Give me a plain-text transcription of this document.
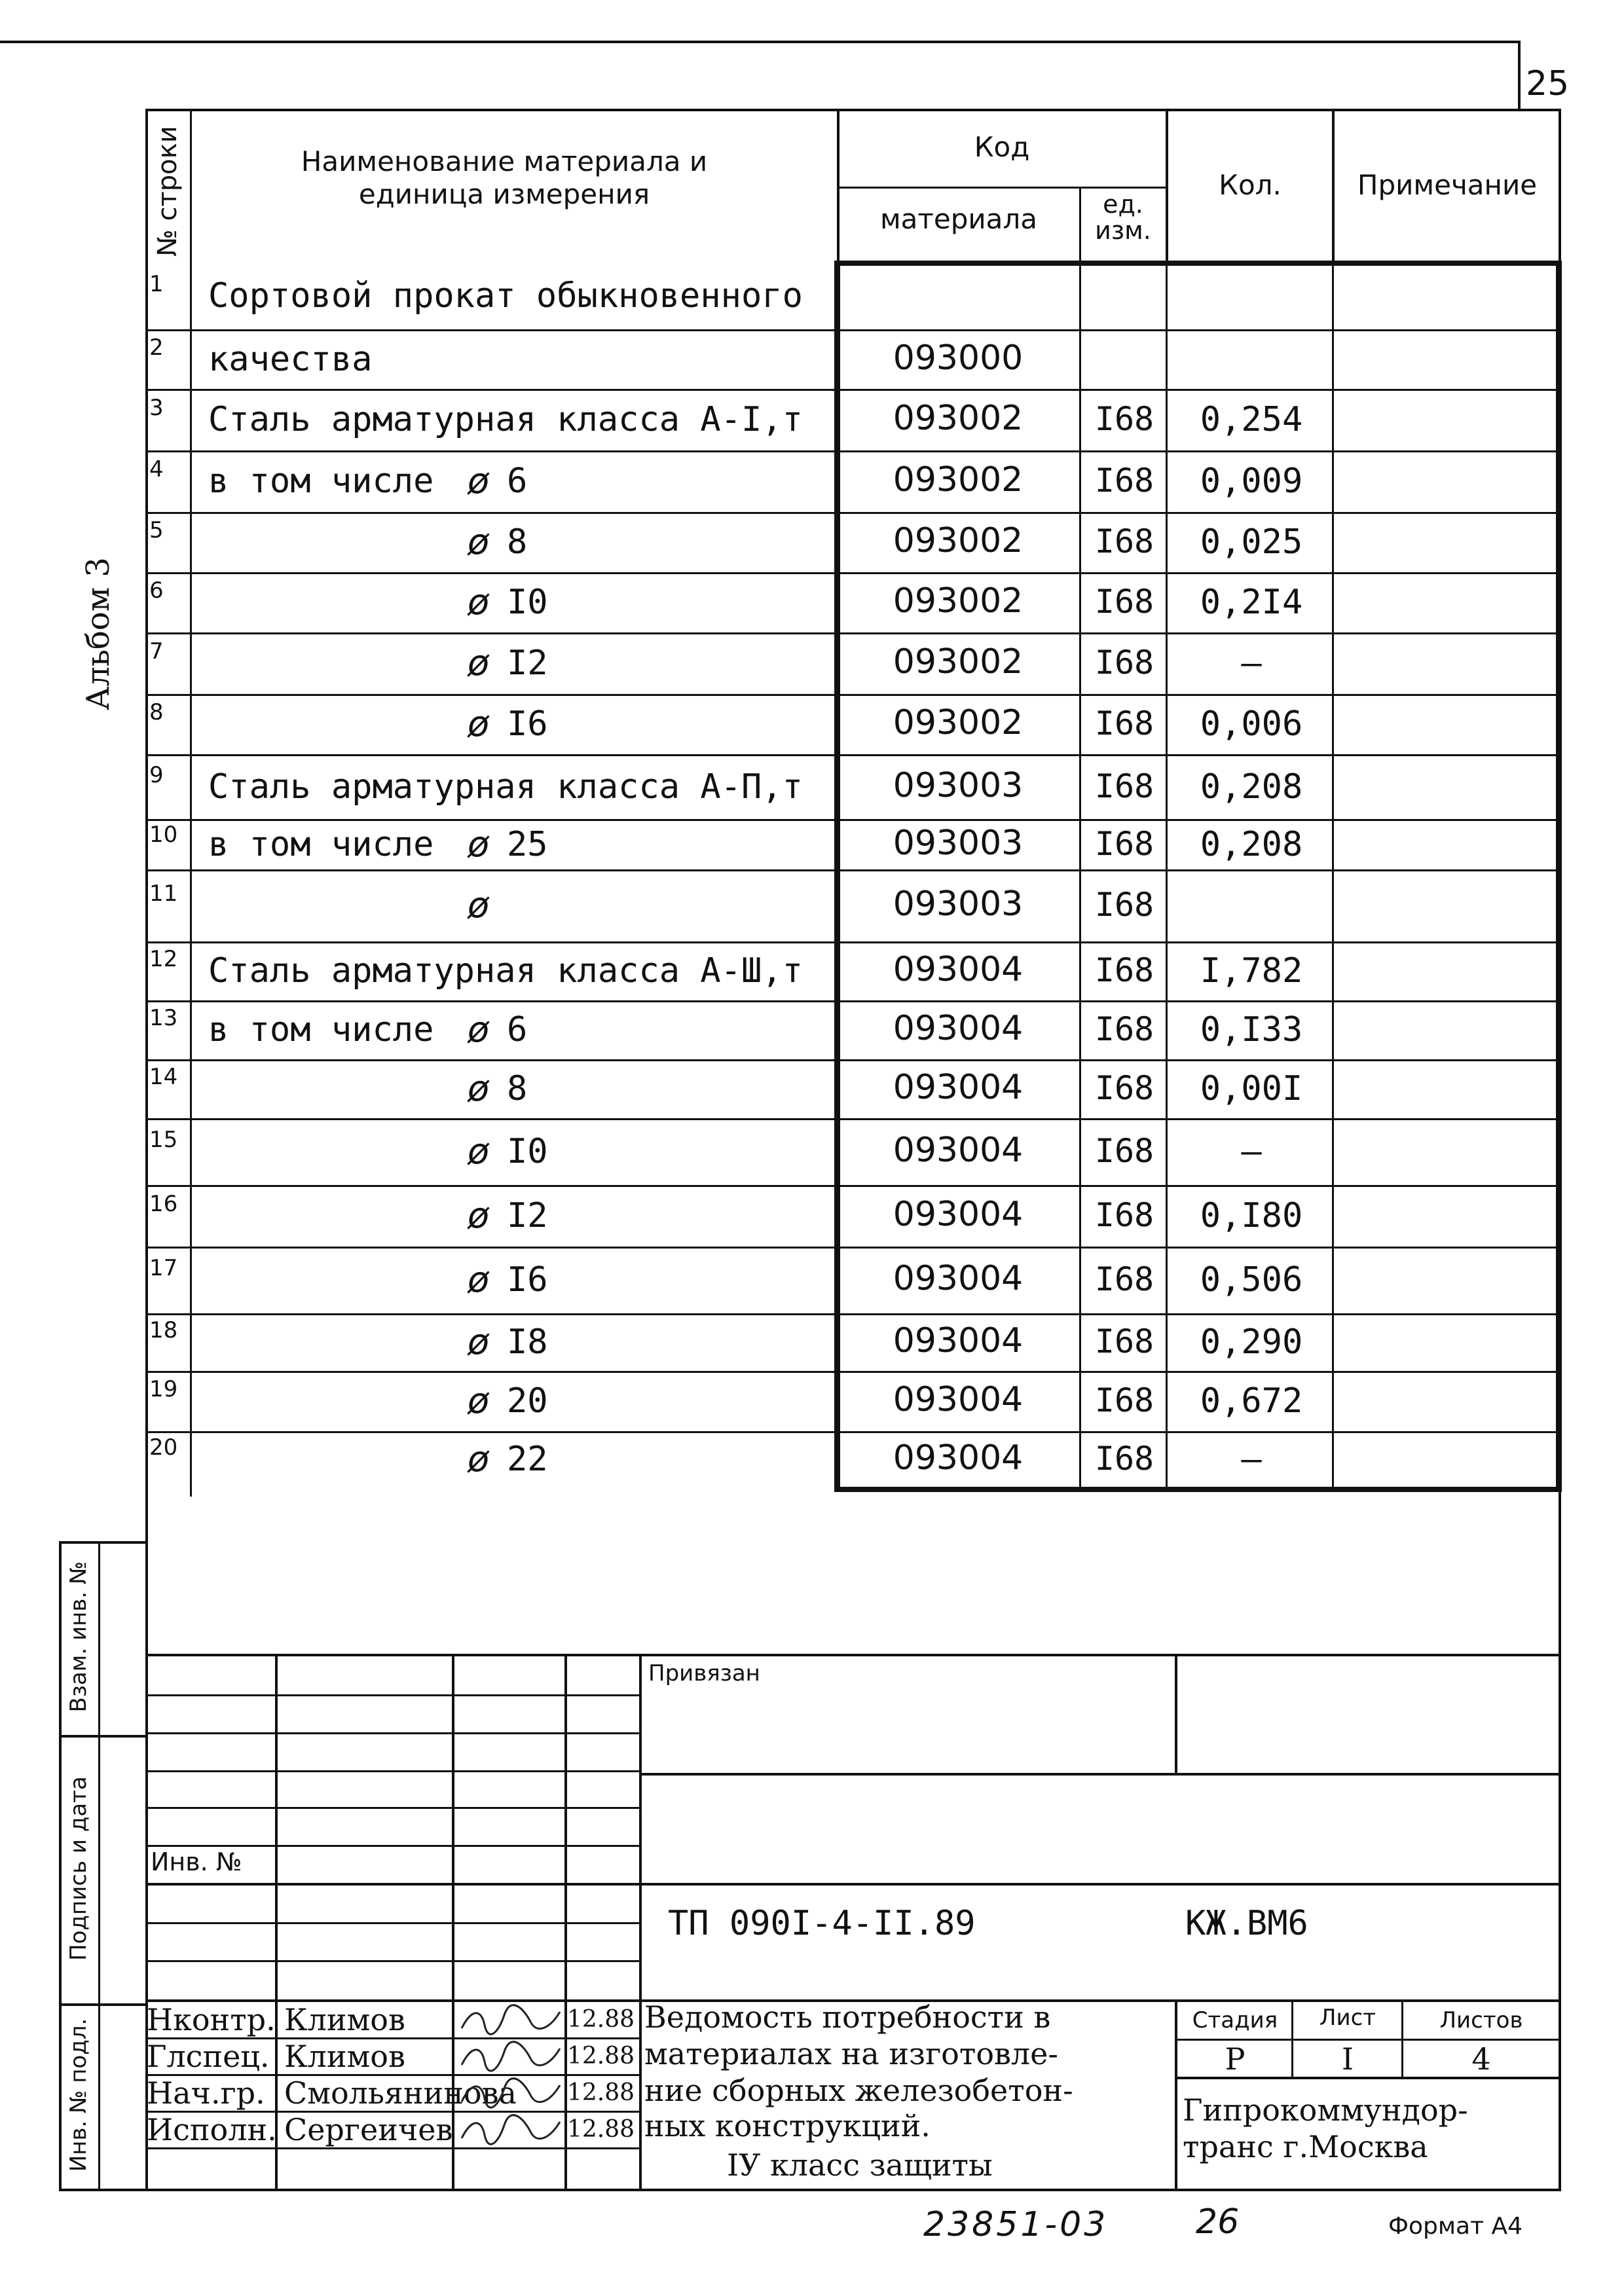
25
Альбом 3
№ строки	Наименование материала и единица измерения
Код
материала	ед. изм.
Кол.	Примечание
1 Сортовой прокат обыкновенного
2 качества	093000
3 Сталь арматурная класса А-I,т	093002	I68	0,254
4 в том числе ø 6	093002	I68	0,009
5	ø 8	093002	I68	0,025
6	ø I0	093002	I68	0,2I4
7	ø I2	093002	I68	–
8	ø I6	093002	I68	0,006
9 Сталь арматурная класса А-П,т	093003	I68	0,208
10 в том числе ø 25	093003	I68	0,208
11	ø	093003	I68
12 Сталь арматурная класса А-Ш,т	093004	I68	I,782
13 в том числе ø 6	093004	I68	0,I33
14	ø 8	093004	I68	0,00I
15	ø I0	093004	I68	–
16	ø I2	093004	I68	0,I80
17	ø I6	093004	I68	0,506
18	ø I8	093004	I68	0,290
19	ø 20	093004	I68	0,672
20	ø 22	093004	I68	–
Взам. инв. №
Подпись и дата
Инв. № подл.
Привязан
Инв. №
ТП 090I-4-II.89	КЖ.ВМ6
Ведомость потребности в
материалах на изготовле-
ние сборных железобетон-
ных конструкций.
IУ класс защиты
Стадия	Лист	Листов
Р	I	4
Гипрокоммундор-
транс г.Москва
Нконтр. Климов	12.88
Глспец. Климов	12.88
Нач.гр. Смольянинова 12.88
Исполн. Сергеичев	12.88
23851-03	26	Формат А4
